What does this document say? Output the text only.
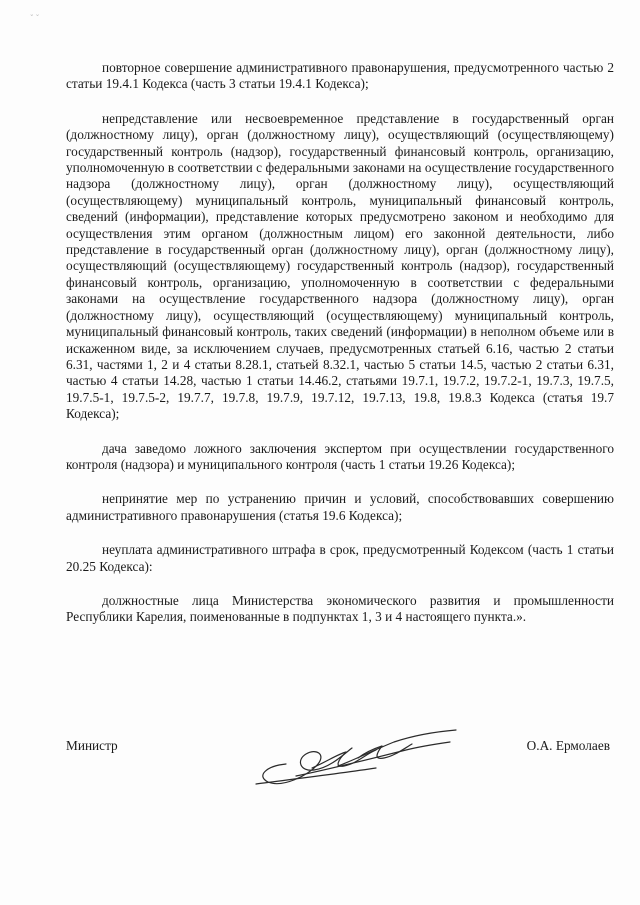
˘ ˘

повторное совершение административного правонарушения, предусмотренного частью 2 статьи 19.4.1 Кодекса (часть 3 статьи 19.4.1 Кодекса);

непредставление или несвоевременное представление в государственный орган (должностному лицу), орган (должностному лицу), осуществляющий (осуществляющему) государственный контроль (надзор), государственный финансовый контроль, организацию, уполномоченную в соответствии с федеральными законами на осуществление государственного надзора (должностному лицу), орган (должностному лицу), осуществляющий (осуществляющему) муниципальный контроль, муниципальный финансовый контроль, сведений (информации), представление которых предусмотрено законом и необходимо для осуществления этим органом (должностным лицом) его законной деятельности, либо представление в государственный орган (должностному лицу), орган (должностному лицу), осуществляющий (осуществляющему) государственный контроль (надзор), государственный финансовый контроль, организацию, уполномоченную в соответствии с федеральными законами на осуществление государственного надзора (должностному лицу), орган (должностному лицу), осуществляющий (осуществляющему) муниципальный контроль, муниципальный финансовый контроль, таких сведений (информации) в неполном объеме или в искаженном виде, за исключением случаев, предусмотренных статьей 6.16, частью 2 статьи 6.31, частями 1, 2 и 4 статьи 8.28.1, статьей 8.32.1, частью 5 статьи 14.5, частью 2 статьи 6.31, частью 4 статьи 14.28, частью 1 статьи 14.46.2, статьями 19.7.1, 19.7.2, 19.7.2-1, 19.7.3, 19.7.5, 19.7.5-1, 19.7.5-2, 19.7.7, 19.7.8, 19.7.9, 19.7.12, 19.7.13, 19.8, 19.8.3 Кодекса (статья 19.7 Кодекса);

дача заведомо ложного заключения экспертом при осуществлении государственного контроля (надзора) и муниципального контроля (часть 1 статьи 19.26 Кодекса);

непринятие мер по устранению причин и условий, способствовавших совершению административного правонарушения (статья 19.6 Кодекса);

неуплата административного штрафа в срок, предусмотренный Кодексом (часть 1 статьи 20.25 Кодекса):

должностные лица Министерства экономического развития и промышленности Республики Карелия, поименованные в подпунктах 1, 3 и 4 настоящего пункта.».

Министр	О.А. Ермолаев
